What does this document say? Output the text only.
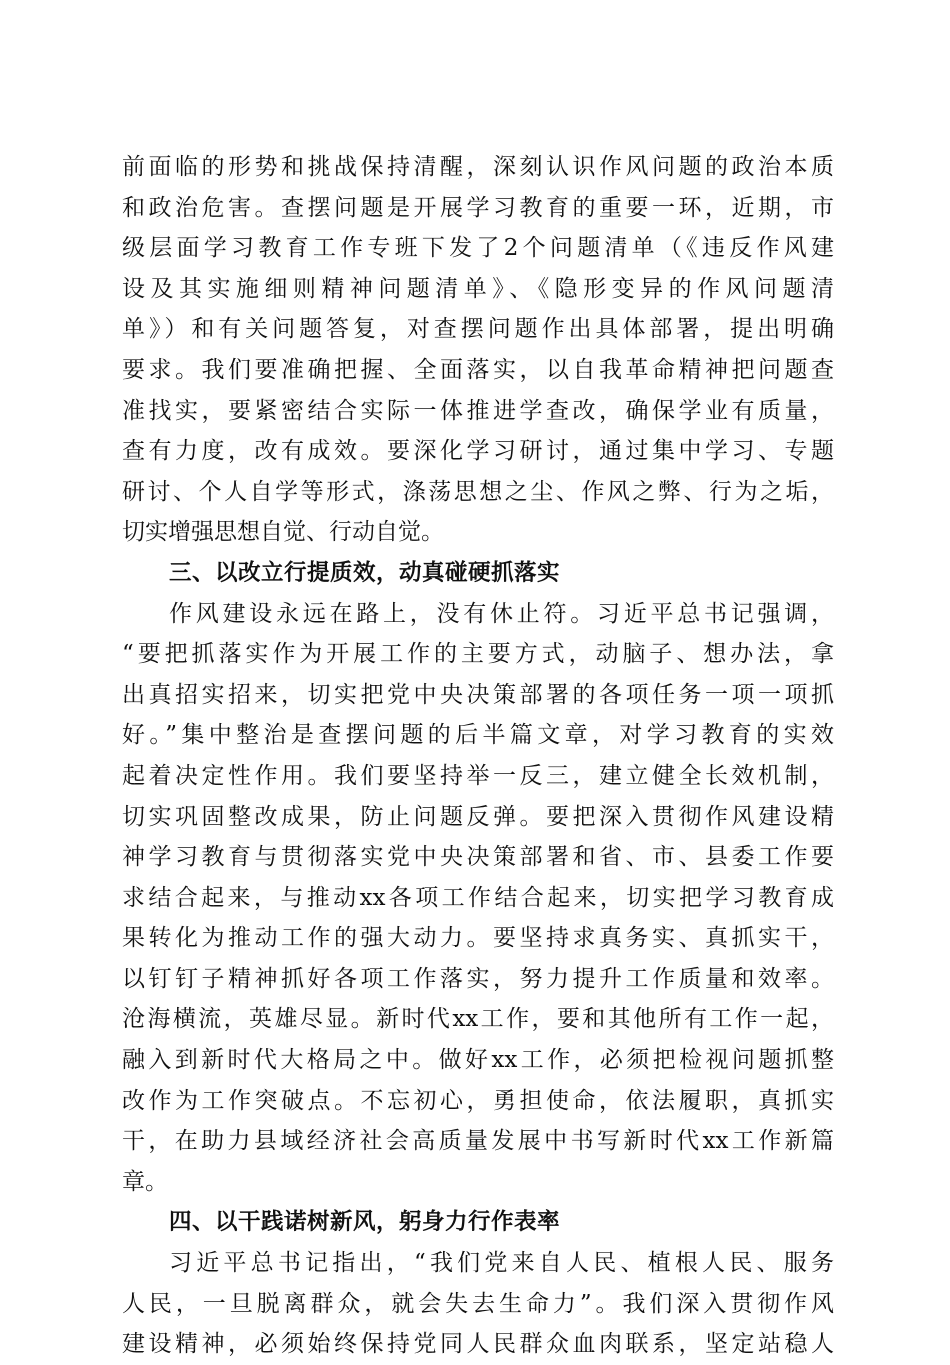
前面临的形势和挑战保持清醒，深刻认识作风问题的政治本质
和政治危害。查摆问题是开展学习教育的重要一环，近期，市
级层面学习教育工作专班下发了2个问题清单（《违反作风建
设及其实施细则精神问题清单》、《隐形变异的作风问题清
单》）和有关问题答复，对查摆问题作出具体部署，提出明确
要求。我们要准确把握、全面落实，以自我革命精神把问题查
准找实，要紧密结合实际一体推进学查改，确保学业有质量，
查有力度，改有成效。要深化学习研讨，通过集中学习、专题
研讨、个人自学等形式，涤荡思想之尘、作风之弊、行为之垢，
切实增强思想自觉、行动自觉。
三、以改立行提质效，动真碰硬抓落实
作风建设永远在路上，没有休止符。习近平总书记强调，
“要把抓落实作为开展工作的主要方式，动脑子、想办法，拿
出真招实招来，切实把党中央决策部署的各项任务一项一项抓
好。”集中整治是查摆问题的后半篇文章，对学习教育的实效
起着决定性作用。我们要坚持举一反三，建立健全长效机制，
切实巩固整改成果，防止问题反弹。要把深入贯彻作风建设精
神学习教育与贯彻落实党中央决策部署和省、市、县委工作要
求结合起来，与推动xx各项工作结合起来，切实把学习教育成
果转化为推动工作的强大动力。要坚持求真务实、真抓实干，
以钉钉子精神抓好各项工作落实，努力提升工作质量和效率。
沧海横流，英雄尽显。新时代xx工作，要和其他所有工作一起，
融入到新时代大格局之中。做好xx工作，必须把检视问题抓整
改作为工作突破点。不忘初心，勇担使命，依法履职，真抓实
干，在助力县域经济社会高质量发展中书写新时代xx工作新篇
章。
四、以干践诺树新风，躬身力行作表率
习近平总书记指出，“我们党来自人民、植根人民、服务
人民，一旦脱离群众，就会失去生命力”。我们深入贯彻作风
建设精神，必须始终保持党同人民群众血肉联系，坚定站稳人
